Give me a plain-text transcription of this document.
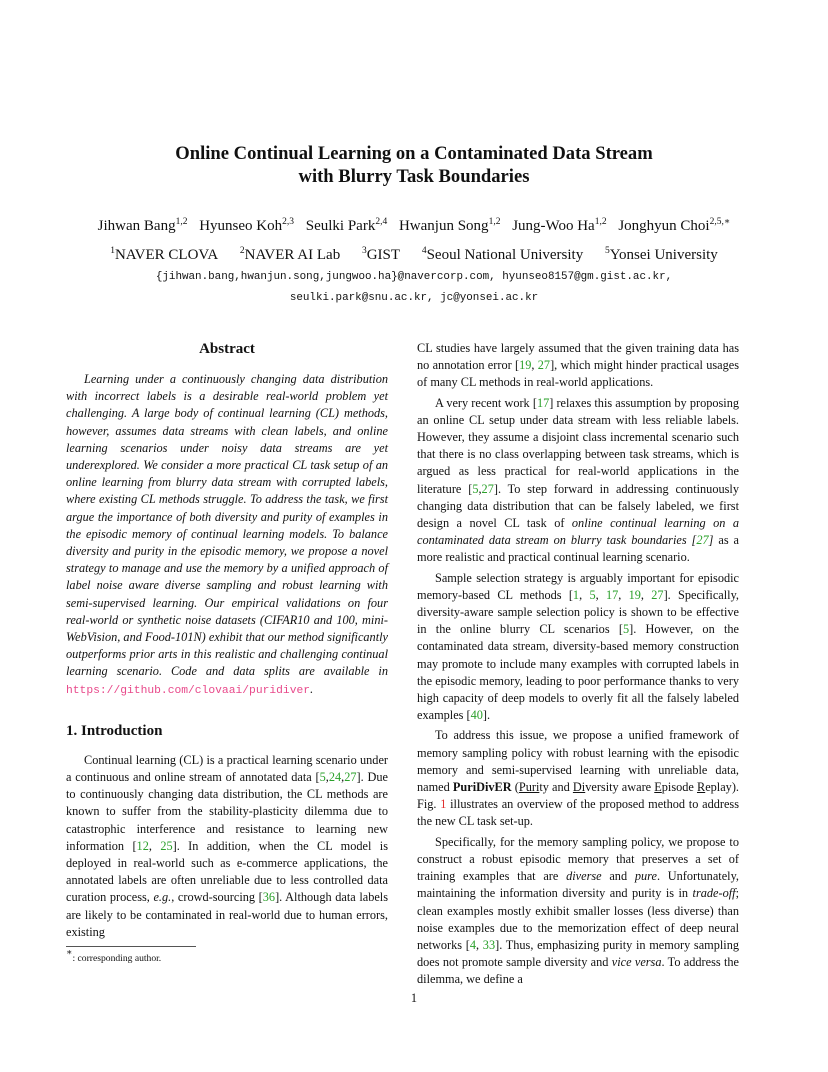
Online Continual Learning on a Contaminated Data Stream
with Blurry Task Boundaries
Jihwan Bang$^{1,2}$ Hyunseo Koh$^{2,3}$ Seulki Park$^{2,4}$ Hwanjun Song$^{1,2}$ Jung-Woo Ha$^{1,2}$ Jonghyun Choi$^{2,5,∗}$
$^1$NAVER CLOVA $^2$NAVER AI Lab $^3$GIST $^4$Seoul National University $^5$Yonsei University
{jihwan.bang,hwanjun.song,jungwoo.ha}@navercorp.com, hyunseo8157@gm.gist.ac.kr,
seulki.park@snu.ac.kr, jc@yonsei.ac.kr
Abstract

Learning under a continuously changing data distribution with incorrect labels is a desirable real-world problem yet challenging. A large body of continual learning (CL) methods, however, assumes data streams with clean labels, and online learning scenarios under noisy data streams are yet underexplored. We consider a more practical CL task setup of an online learning from blurry data stream with corrupted labels, where existing CL methods struggle. To address the task, we first argue the importance of both diversity and purity of examples in the episodic memory of continual learning models. To balance diversity and purity in the episodic memory, we propose a novel strategy to manage and use the memory by a unified approach of label noise aware diverse sampling and robust learning with semi-supervised learning. Our empirical validations on four real-world or synthetic noise datasets (CIFAR10 and 100, mini-WebVision, and Food-101N) exhibit that our method significantly outperforms prior arts in this realistic and challenging continual learning scenario. Code and data splits are available in https://github.com/clovaai/puridiver.

1. Introduction

Continual learning (CL) is a practical learning scenario under a continuous and online stream of annotated data [5,24,27]. Due to continuously changing data distribution, the CL methods are known to suffer from the stability-plasticity dilemma due to catastrophic interference and resistance to learning new information [12, 25]. In addition, when the CL model is deployed in real-world such as e-commerce applications, the annotated labels are often unreliable due to less controlled data curation process, e.g., crowd-sourcing [36]. Although data labels are likely to be contaminated in real-world due to human errors, existing

CL studies have largely assumed that the given training data has no annotation error [19, 27], which might hinder practical usages of many CL methods in real-world applications.

A very recent work [17] relaxes this assumption by proposing an online CL setup under data stream with less reliable labels. However, they assume a disjoint class incremental scenario such that there is no class overlapping between task streams, which is argued as less practical for real-world applications in the literature [5,27]. To step forward in addressing continuously changing data distribution that can be falsely labeled, we first design a novel CL task of online continual learning on a contaminated data stream on blurry task boundaries [27] as a more realistic and practical continual learning scenario.

Sample selection strategy is arguably important for episodic memory-based CL methods [1, 5, 17, 19, 27]. Specifically, diversity-aware sample selection policy is shown to be effective in the online blurry CL scenarios [5]. However, on the contaminated data stream, diversity-based memory construction may promote to include many examples with corrupted labels in the episodic memory, leading to poor performance thanks to very high capacity of deep models to overly fit all the falsely labeled examples [40].

To address this issue, we propose a unified framework of memory sampling policy with robust learning with the episodic memory and semi-supervised learning with unreliable data, named PuriDivER (Purity and Diversity aware Episode Replay). Fig. 1 illustrates an overview of the proposed method to address the new CL task set-up.

Specifically, for the memory sampling policy, we propose to construct a robust episodic memory that preserves a set of training examples that are diverse and pure. Unfortunately, maintaining the information diversity and purity is in trade-off; clean examples mostly exhibit smaller losses (less diverse) than noise examples due to the memorization effect of deep neural networks [4, 33]. Thus, emphasizing purity in memory sampling does not promote sample diversity and vice versa. To address the dilemma, we define a

∗: corresponding author.
1
